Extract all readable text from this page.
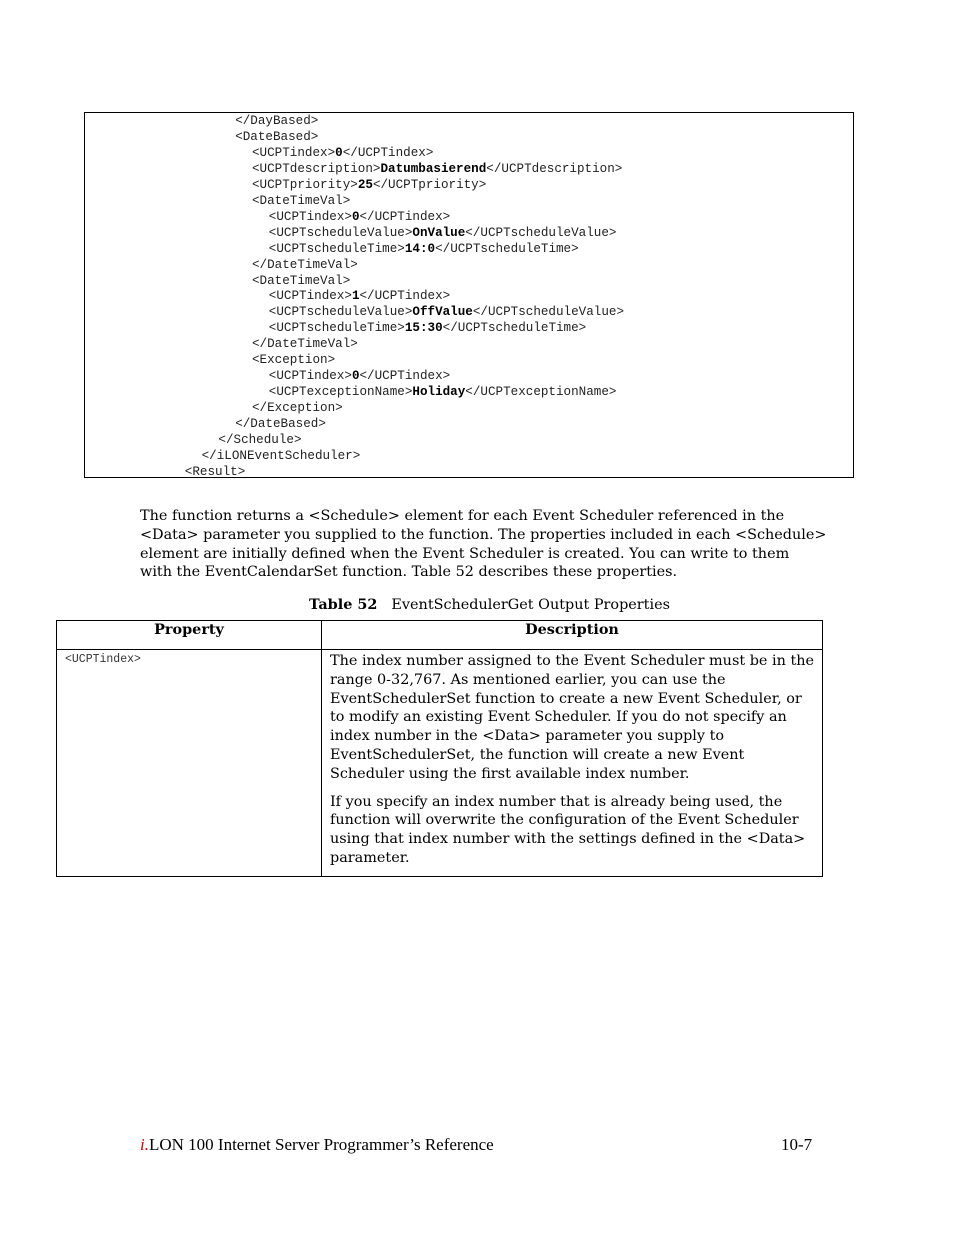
</DayBased>
<DateBased>
<UCPTindex>0</UCPTindex>
<UCPTdescription>Datumbasierend</UCPTdescription>
<UCPTpriority>25</UCPTpriority>
<DateTimeVal>
<UCPTindex>0</UCPTindex>
<UCPTscheduleValue>OnValue</UCPTscheduleValue>
<UCPTscheduleTime>14:0</UCPTscheduleTime>
</DateTimeVal>
<DateTimeVal>
<UCPTindex>1</UCPTindex>
<UCPTscheduleValue>OffValue</UCPTscheduleValue>
<UCPTscheduleTime>15:30</UCPTscheduleTime>
</DateTimeVal>
<Exception>
<UCPTindex>0</UCPTindex>
<UCPTexceptionName>Holiday</UCPTexceptionName>
</Exception>
</DateBased>
</Schedule>
</iLONEventScheduler>
<Result>
The function returns a <Schedule> element for each Event Scheduler referenced in the
<Data> parameter you supplied to the function. The properties included in each <Schedule>
element are initially defined when the Event Scheduler is created. You can write to them
with the EventCalendarSet function. Table 52 describes these properties.
Table 52 EventSchedulerGet Output Properties
Property	Description
<UCPTindex>	The index number assigned to the Event Scheduler must be in the range 0-32,767. As mentioned earlier, you can use the EventSchedulerSet function to create a new Event Scheduler, or to modify an existing Event Scheduler. If you do not specify an index number in the <Data> parameter you supply to EventSchedulerSet, the function will create a new Event Scheduler using the first available index number.

If you specify an index number that is already being used, the function will overwrite the configuration of the Event Scheduler using that index number with the settings defined in the <Data> parameter.

i.LON 100 Internet Server Programmer’s Reference	10-7
